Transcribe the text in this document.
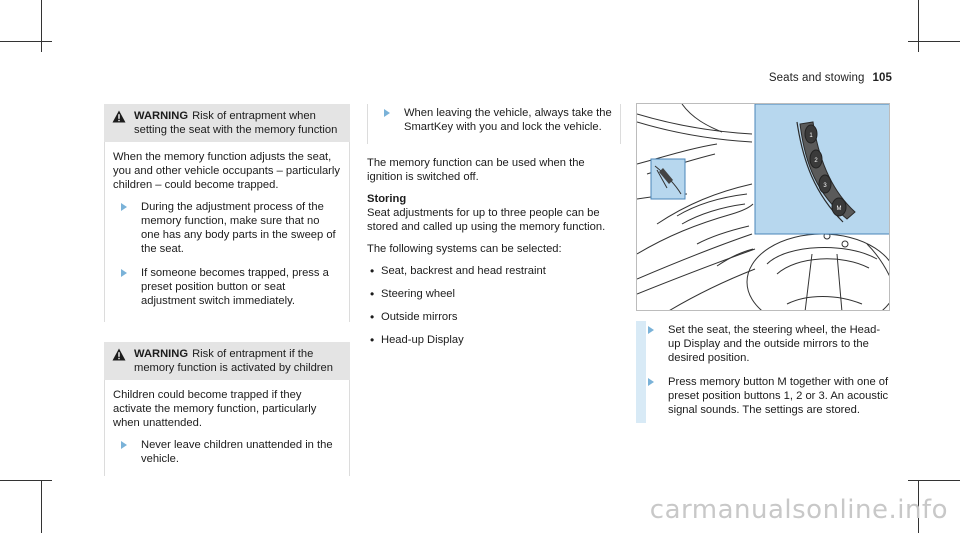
Seats and stowing 105
WARNING Risk of entrapment when setting the seat with the memory function

When the memory function adjusts the seat, you and other vehicle occupants – particularly children – could become trapped.

During the adjustment process of the memory function, make sure that no one has any body parts in the sweep of the seat.
If someone becomes trapped, press a preset position button or seat adjustment switch immediately.
WARNING Risk of entrapment if the memory function is activated by children

Children could become trapped if they activate the memory function, particularly when unattended.

Never leave children unattended in the vehicle.
When leaving the vehicle, always take the SmartKey with you and lock the vehicle.

The memory function can be used when the ignition is switched off.

Storing

Seat adjustments for up to three people can be stored and called up using the memory function.

The following systems can be selected:

• Seat, backrest and head restraint
• Steering wheel
• Outside mirrors
• Head-up Display
1
2
3
M
Set the seat, the steering wheel, the Head-up Display and the outside mirrors to the desired position.
Press memory button M together with one of preset position buttons 1, 2 or 3. An acoustic signal sounds. The settings are stored.
carmanualsonline.info
